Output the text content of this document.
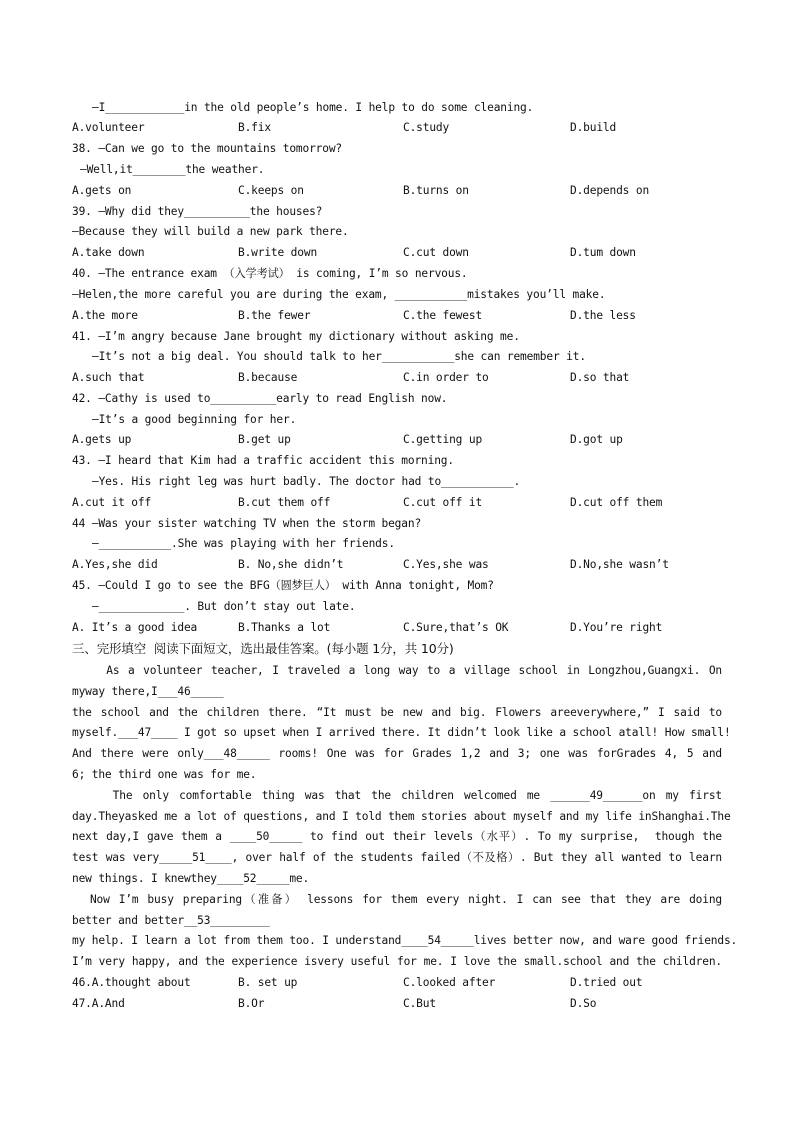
—I____________in the old people’s home. I help to do some cleaning.
A.volunteer	B.fix	C.study	D.build
38. —Can we go to the mountains tomorrow?
—Well,it________the weather.
A.gets on	C.keeps on	B.turns on	D.depends on
39. —Why did they__________the houses?
—Because they will build a new park there.
A.take down	B.write down	C.cut down	D.tum down
40. —The entrance exam （入学考试） is coming, I’m so nervous.
—Helen,the more careful you are during the exam, ___________mistakes you’ll make.
A.the more	B.the fewer	C.the fewest	D.the less
41. —I’m angry because Jane brought my dictionary without asking me.
—It’s not a big deal. You should talk to her___________she can remember it.
A.such that	B.because	C.in order to	D.so that
42. —Cathy is used to__________early to read English now.
—It’s a good beginning for her.
A.gets up	B.get up	C.getting up	D.got up
43. —I heard that Kim had a traffic accident this morning.
—Yes. His right leg was hurt badly. The doctor had to___________.
A.cut it off	B.cut them off	C.cut off it	D.cut off them
44 —Was your sister watching TV when the storm began?
—___________.She was playing with her friends.
A.Yes,she did	B. No,she didn’t	C.Yes,she was	D.No,she wasn’t
45. —Could I go to see the BFG（圆梦巨人） with Anna tonight, Mom?
—_____________. But don’t stay out late.
A. It’s a good idea	B.Thanks a lot	C.Sure,that’s OK	D.You’re right
三、完形填空  阅读下面短文，选出最佳答案。(每小题 1分，共 10分)
As a volunteer teacher, I traveled a long way to a village school in Longzhou,Guangxi. On
myway there,I___46_____
the school and the children there. “It must be new and big. Flowers areeverywhere,” I said to
myself.___47____ I got so upset when I arrived there. It didn’t look like a school atall! How small!
And there were only___48_____ rooms! One was for Grades 1,2 and 3; one was forGrades 4, 5 and
6; the third one was for me.
The only comfortable thing was that the children welcomed me ______49______on my first
day.Theyasked me a lot of questions, and I told them stories about myself and my life inShanghai.The
next day,I gave them a ____50_____ to find out their levels（水平）. To my surprise,  though the
test was very_____51____, over half of the students failed（不及格）. But they all wanted to learn
new things. I knewthey____52_____me.
Now I’m busy preparing（准备） lessons for them every night. I can see that they are doing
better and better__53_________
my help. I learn a lot from them too. I understand____54_____lives better now, and ware good friends.
I’m very happy, and the experience isvery useful for me. I love the small.school and the children.
46.A.thought about	B. set up	C.looked after	D.tried out
47.A.And	B.Or	C.But	D.So
